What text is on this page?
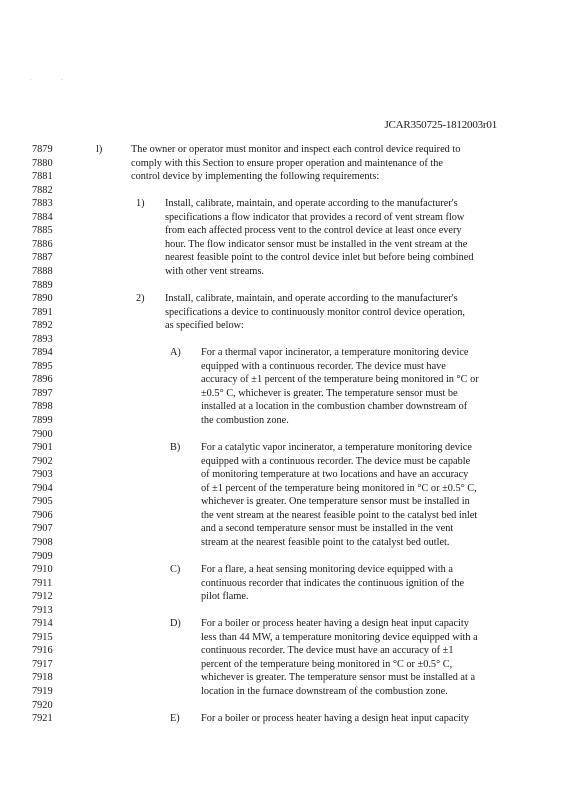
. .
JCAR350725-1812003r01
7879	l)	The owner or operator must monitor and inspect each control device required to
7880	comply with this Section to ensure proper operation and maintenance of the
7881	control device by implementing the following requirements:
7882
7883	1) Install, calibrate, maintain, and operate according to the manufacturer's
7884	specifications a flow indicator that provides a record of vent stream flow
7885	from each affected process vent to the control device at least once every
7886	hour. The flow indicator sensor must be installed in the vent stream at the
7887	nearest feasible point to the control device inlet but before being combined
7888	with other vent streams.
7889
7890	2) Install, calibrate, maintain, and operate according to the manufacturer's
7891	specifications a device to continuously monitor control device operation,
7892	as specified below:
7893
7894	A) For a thermal vapor incinerator, a temperature monitoring device
7895	equipped with a continuous recorder. The device must have
7896	accuracy of ±1 percent of the temperature being monitored in °C or
7897	±0.5° C, whichever is greater. The temperature sensor must be
7898	installed at a location in the combustion chamber downstream of
7899	the combustion zone.
7900
7901	B) For a catalytic vapor incinerator, a temperature monitoring device
7902	equipped with a continuous recorder. The device must be capable
7903	of monitoring temperature at two locations and have an accuracy
7904	of ±1 percent of the temperature being monitored in °C or ±0.5° C,
7905	whichever is greater. One temperature sensor must be installed in
7906	the vent stream at the nearest feasible point to the catalyst bed inlet
7907	and a second temperature sensor must be installed in the vent
7908	stream at the nearest feasible point to the catalyst bed outlet.
7909
7910	C) For a flare, a heat sensing monitoring device equipped with a
7911	continuous recorder that indicates the continuous ignition of the
7912	pilot flame.
7913
7914	D) For a boiler or process heater having a design heat input capacity
7915	less than 44 MW, a temperature monitoring device equipped with a
7916	continuous recorder. The device must have an accuracy of ±1
7917	percent of the temperature being monitored in °C or ±0.5° C,
7918	whichever is greater. The temperature sensor must be installed at a
7919	location in the furnace downstream of the combustion zone.
7920
7921	E) For a boiler or process heater having a design heat input capacity
